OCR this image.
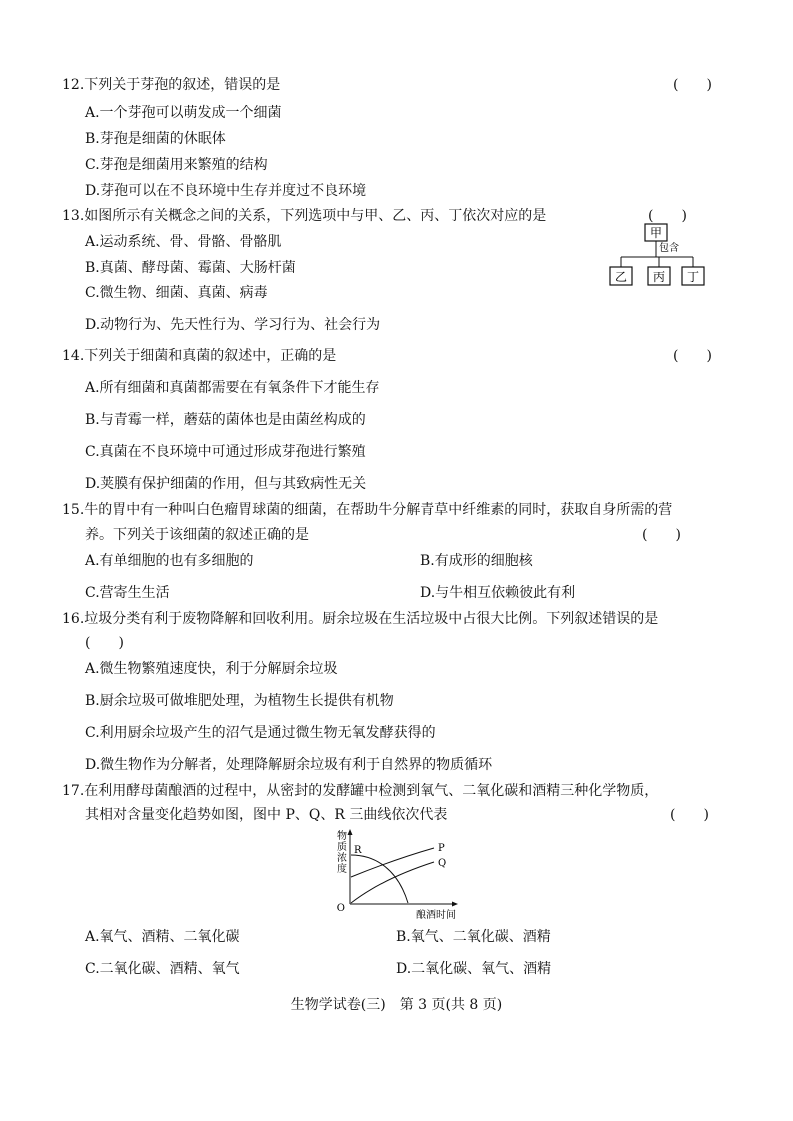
12.下列关于芽孢的叙述，错误的是	(　　)
A.一个芽孢可以萌发成一个细菌
B.芽孢是细菌的休眠体
C.芽孢是细菌用来繁殖的结构
D.芽孢可以在不良环境中生存并度过不良环境
13.如图所示有关概念之间的关系，下列选项中与甲、乙、丙、丁依次对应的是	(　　)
A.运动系统、骨、骨骼、骨骼肌
B.真菌、酵母菌、霉菌、大肠杆菌
C.微生物、细菌、真菌、病毒
D.动物行为、先天性行为、学习行为、社会行为
甲
包含
乙 丙 丁
14.下列关于细菌和真菌的叙述中，正确的是	(　　)
A.所有细菌和真菌都需要在有氧条件下才能生存
B.与青霉一样，蘑菇的菌体也是由菌丝构成的
C.真菌在不良环境中可通过形成芽孢进行繁殖
D.荚膜有保护细菌的作用，但与其致病性无关
15.牛的胃中有一种叫白色瘤胃球菌的细菌，在帮助牛分解青草中纤维素的同时，获取自身所需的营
养。下列关于该细菌的叙述正确的是	(　　)
A.有单细胞的也有多细胞的	B.有成形的细胞核
C.营寄生生活	D.与牛相互依赖彼此有利
16.垃圾分类有利于废物降解和回收利用。厨余垃圾在生活垃圾中占很大比例。下列叙述错误的是
(　　)
A.微生物繁殖速度快，利于分解厨余垃圾
B.厨余垃圾可做堆肥处理，为植物生长提供有机物
C.利用厨余垃圾产生的沼气是通过微生物无氧发酵获得的
D.微生物作为分解者，处理降解厨余垃圾有利于自然界的物质循环
17.在利用酵母菌酿酒的过程中，从密封的发酵罐中检测到氧气、二氧化碳和酒精三种化学物质，
其相对含量变化趋势如图，图中 P、Q、R 三曲线依次代表	(　　)
物
质
浓
度
O
酿酒时间
P
Q
R
A.氧气、酒精、二氧化碳	B.氧气、二氧化碳、酒精
C.二氧化碳、酒精、氧气	D.二氧化碳、氧气、酒精
生物学试卷(三)　第 3 页(共 8 页)
